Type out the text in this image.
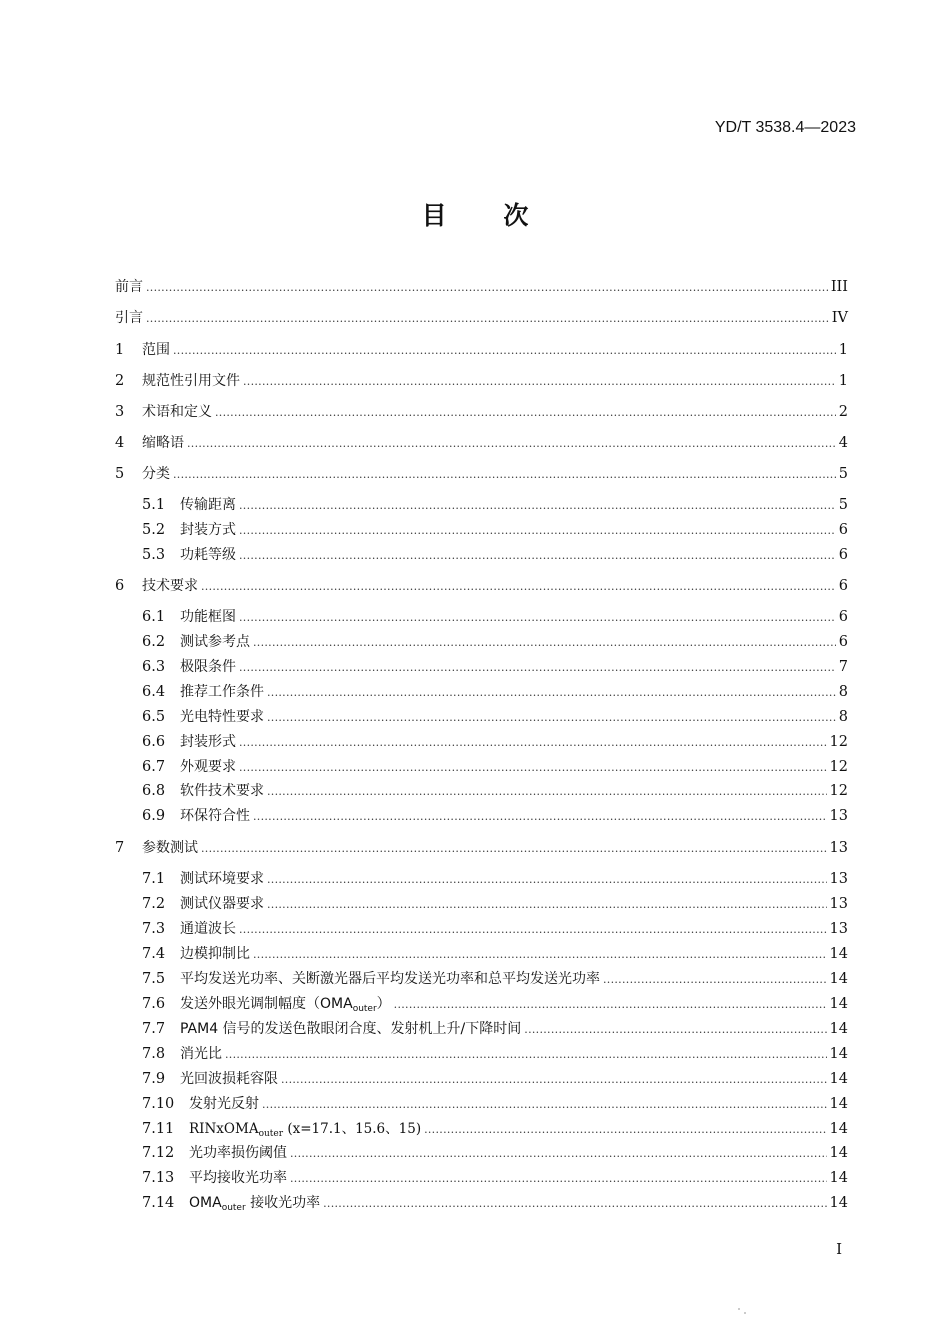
YD/T 3538.4—2023
目 次
前言 .....	III
引言 .....	IV
1	范围 .....	1
2	规范性引用文件 .....	1
3	术语和定义 .....	2
4	缩略语 .....	4
5	分类 .....	5
5.1	传输距离 .....	5
5.2	封装方式 .....	6
5.3	功耗等级 .....	6
6	技术要求 .....	6
6.1	功能框图 .....	6
6.2	测试参考点 .....	6
6.3	极限条件 .....	7
6.4	推荐工作条件 .....	8
6.5	光电特性要求 .....	8
6.6	封装形式 .....	12
6.7	外观要求 .....	12
6.8	软件技术要求 .....	12
6.9	环保符合性 .....	13
7	参数测试 .....	13
7.1	测试环境要求 .....	13
7.2	测试仪器要求 .....	13
7.3	通道波长 .....	13
7.4	边模抑制比 .....	14
7.5	平均发送光功率、关断激光器后平均发送光功率和总平均发送光功率 .....	14
7.6	发送外眼光调制幅度$(OMA_{outer})$ .....	14
7.7	PAM4 信号的发送色散眼闭合度、发射机上升/下降时间 .....	14
7.8	消光比 .....	14
7.9	光回波损耗容限 .....	14
7.10	发射光反射 .....	14
7.11	RINxOMA$_{outer}$ (x=17.1、15.6、15) .....	14
7.12	光功率损伤阈值 .....	14
7.13	平均接收光功率 .....	14
7.14	$OMA_{outer}$ 接收光功率 .....	14
I
